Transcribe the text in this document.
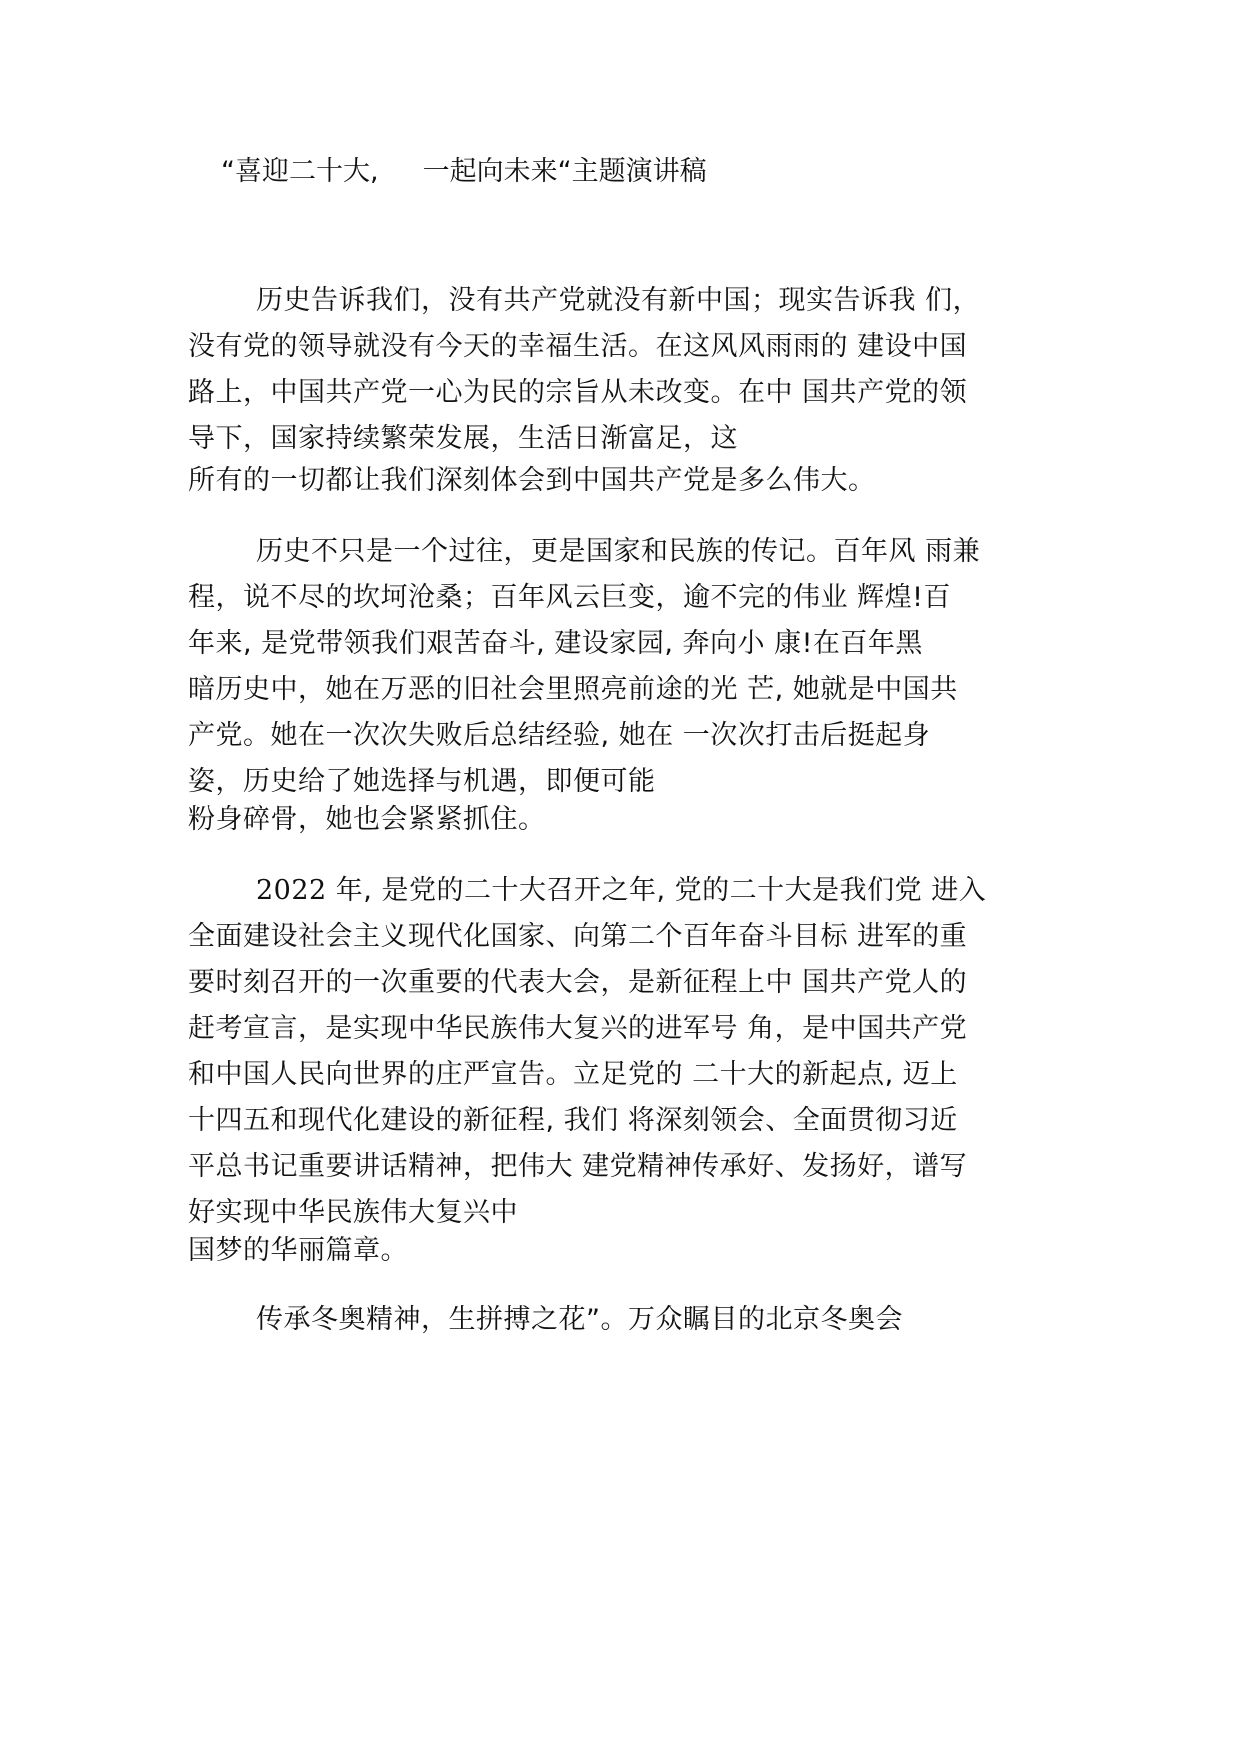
“喜迎二十大, 一起向未来“主题演讲稿
历史告诉我们，没有共产党就没有新中国；现实告诉我 们，
没有党的领导就没有今天的幸福生活。在这风风雨雨的 建设中国
路上，中国共产党一心为民的宗旨从未改变。在中 国共产党的领
导下，国家持续繁荣发展，生活日渐富足，这
所有的一切都让我们深刻体会到中国共产党是多么伟大。
历史不只是一个过往，更是国家和民族的传记。百年风 雨兼
程，说不尽的坎坷沧桑；百年风云巨变，逾不完的伟业 辉煌!百
年来, 是党带领我们艰苦奋斗, 建设家园, 奔向小 康!在百年黑
暗历史中，她在万恶的旧社会里照亮前途的光 芒, 她就是中国共
产党。她在一次次失败后总结经验, 她在 一次次打击后挺起身
姿，历史给了她选择与机遇，即便可能
粉身碎骨，她也会紧紧抓住。
2022 年, 是党的二十大召开之年, 党的二十大是我们党 进入
全面建设社会主义现代化国家、向第二个百年奋斗目标 进军的重
要时刻召开的一次重要的代表大会，是新征程上中 国共产党人的
赶考宣言，是实现中华民族伟大复兴的进军号 角，是中国共产党
和中国人民向世界的庄严宣告。立足党的 二十大的新起点, 迈上
十四五和现代化建设的新征程, 我们 将深刻领会、全面贯彻习近
平总书记重要讲话精神，把伟大 建党精神传承好、发扬好，谱写
好实现中华民族伟大复兴中
国梦的华丽篇章。
传承冬奥精神，生拼搏之花”。万众瞩目的北京冬奥会
